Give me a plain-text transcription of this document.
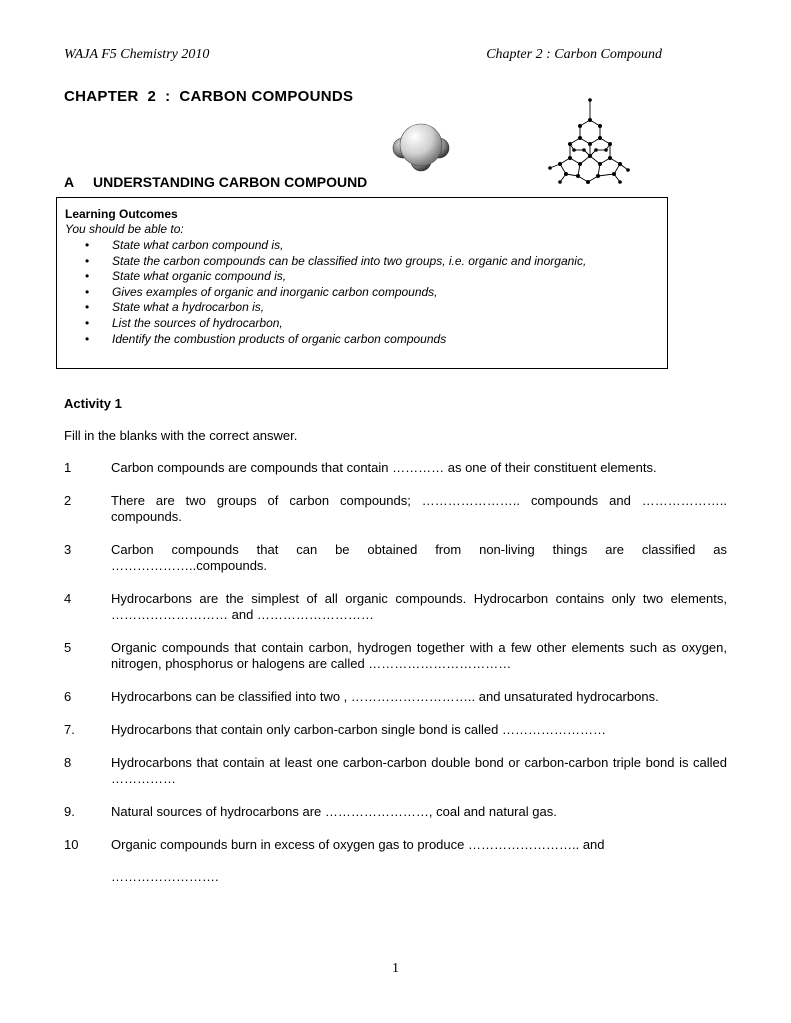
WAJA F5 Chemistry 2010	Chapter 2 : Carbon Compound
CHAPTER  2  :  CARBON COMPOUNDS
A UNDERSTANDING CARBON COMPOUND
Learning Outcomes
You should be able to:
• State what carbon compound is,
• State the carbon compounds can be classified into two groups, i.e. organic and inorganic,
• State what organic compound is,
• Gives examples of organic and inorganic carbon compounds,
• State what a hydrocarbon is,
• List the sources of hydrocarbon,
• Identify the combustion products of organic carbon compounds
Activity 1
Fill in the blanks with the correct answer.
1	Carbon compounds are compounds that contain ………… as one of their constituent elements.
2	There are two groups of carbon compounds; ………………….. compounds and ……………….. compounds.
3	Carbon compounds that can be obtained from non-living things are classified as ………………..compounds.
4	Hydrocarbons are the simplest of all organic compounds. Hydrocarbon contains only two elements, ……………………… and ………………………
5	Organic compounds that contain carbon, hydrogen together with a few other elements such as oxygen, nitrogen, phosphorus or halogens are called ……………………………
6	Hydrocarbons can be classified into two , ……………………….. and unsaturated hydrocarbons.
7.	Hydrocarbons that contain only carbon-carbon single bond is called ……………………
8	Hydrocarbons that contain at least one carbon-carbon double bond or carbon-carbon triple bond is called ……………
9.	Natural sources of hydrocarbons are ……………………, coal and natural gas.
10	Organic compounds burn in excess of oxygen gas to produce …………………….. and
…………………….
1
